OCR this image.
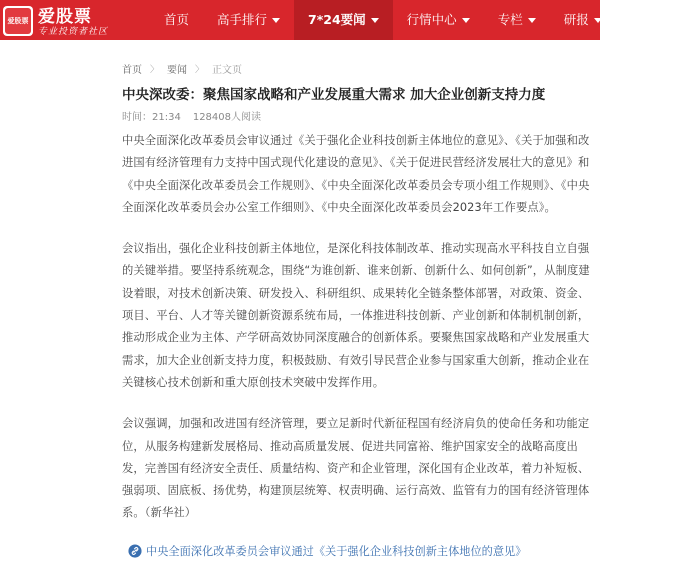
爱股票 爱股票
专业投资者社区
首页	高手排行	7*24要闻	行情中心	专栏	研报	联系我们
首页 〉 要闻 〉 正文页
中央深改委：聚焦国家战略和产业发展重大需求 加大企业创新支持力度
时间：21:34 128408人阅读

中央全面深化改革委员会审议通过《关于强化企业科技创新主体地位的意见》、《关于加强和改进国有经济管理有力支持中国式现代化建设的意见》、《关于促进民营经济发展壮大的意见》和《中央全面深化改革委员会工作规则》、《中央全面深化改革委员会专项小组工作规则》、《中央全面深化改革委员会办公室工作细则》、《中央全面深化改革委员会2023年工作要点》。

会议指出，强化企业科技创新主体地位，是深化科技体制改革、推动实现高水平科技自立自强的关键举措。要坚持系统观念，围绕“为谁创新、谁来创新、创新什么、如何创新”，从制度建设着眼，对技术创新决策、研发投入、科研组织、成果转化全链条整体部署，对政策、资金、项目、平台、人才等关键创新资源系统布局，一体推进科技创新、产业创新和体制机制创新，推动形成企业为主体、产学研高效协同深度融合的创新体系。要聚焦国家战略和产业发展重大需求，加大企业创新支持力度，积极鼓励、有效引导民营企业参与国家重大创新，推动企业在关键核心技术创新和重大原创技术突破中发挥作用。

会议强调，加强和改进国有经济管理，要立足新时代新征程国有经济肩负的使命任务和功能定位，从服务构建新发展格局、推动高质量发展、促进共同富裕、维护国家安全的战略高度出发，完善国有经济安全责任、质量结构、资产和企业管理，深化国有企业改革，着力补短板、强弱项、固底板、扬优势，构建顶层统筹、权责明确、运行高效、监管有力的国有经济管理体系。（新华社）

中央全面深化改革委员会审议通过《关于强化企业科技创新主体地位的意见》
